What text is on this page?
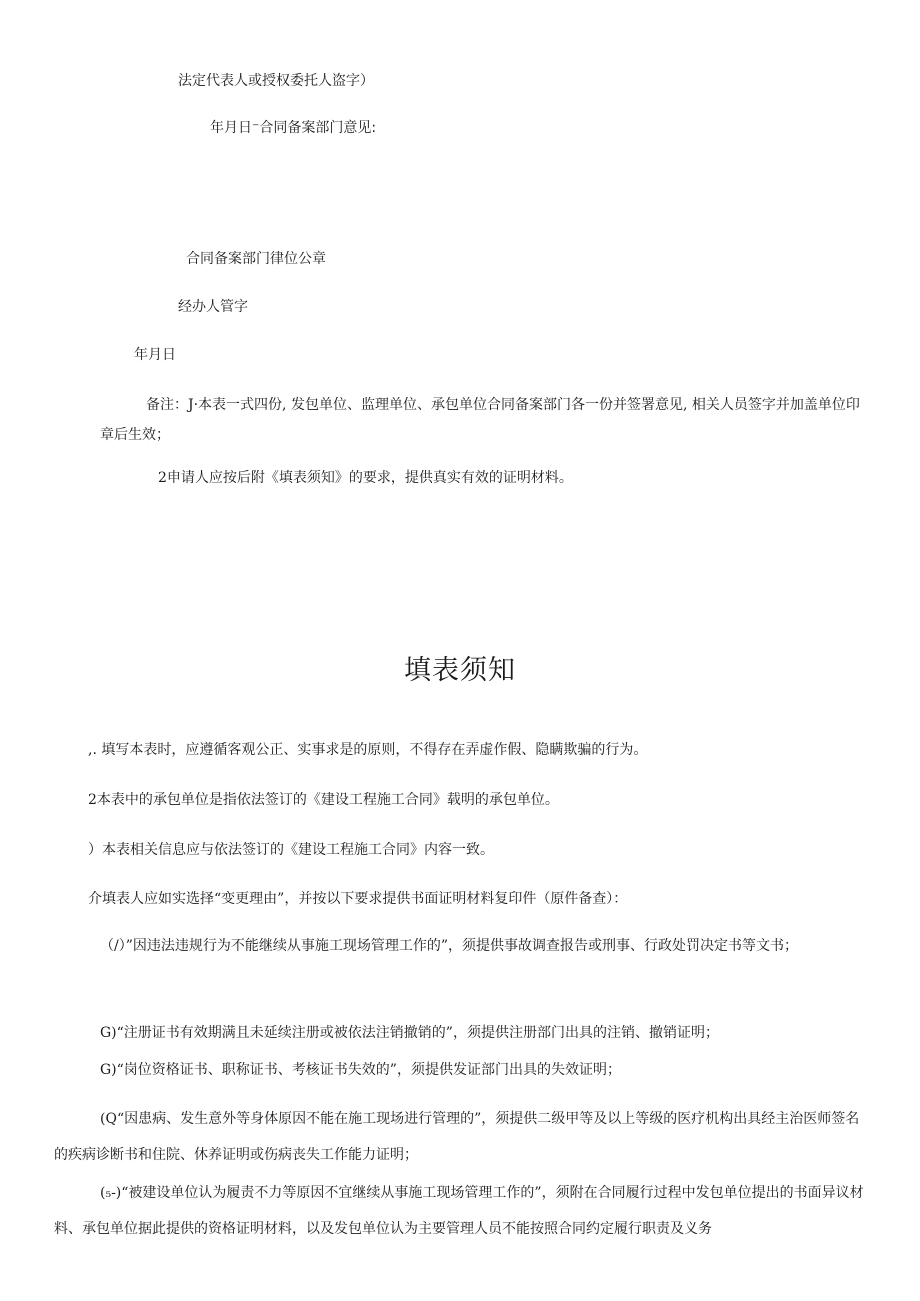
法定代表人或授权委托人盗字）
年月日⁻合同备案部门意见:
合同备案部门律位公章
经办人管字
年月日
备注：J·本表一式四份, 发包单位、监理单位、承包单位合同备案部门各一份并签署意见, 相关人员签字并加盖单位印章后生效；
2申请人应按后附《填表须知》的要求，提供真实有效的证明材料。
填表须知
,. 填写本表时，应遵循客观公正、实事求是的原则，不得存在弄虚作假、隐瞒欺骗的行为。
2本表中的承包单位是指依法签订的《建设工程施工合同》载明的承包单位。
）本表相关信息应与依法签订的《建设工程施工合同》内容一致。
介填表人应如实选择“变更理由”，并按以下要求提供书面证明材料复印件（原件备查）：
（/）”因违法违规行为不能继续从事施工现场管理工作的”，须提供事故调查报告或刑事、行政处罚决定书等文书；
G)“注册证书有效期满且未延续注册或被依法注销撤销的”，须提供注册部门出具的注销、撤销证明；
G)“岗位资格证书、职称证书、考核证书失效的”，须提供发证部门出具的失效证明；
(Q“因患病、发生意外等身体原因不能在施工现场进行管理的”，须提供二级甲等及以上等级的医疗机构出具经主治医师签名的疾病诊断书和住院、休养证明或伤病丧失工作能力证明；
(₅-)“被建设单位认为履责不力等原因不宜继续从事施工现场管理工作的”，须附在合同履行过程中发包单位提出的书面异议材料、承包单位据此提供的资格证明材料，以及发包单位认为主要管理人员不能按照合同约定履行职责及义务
